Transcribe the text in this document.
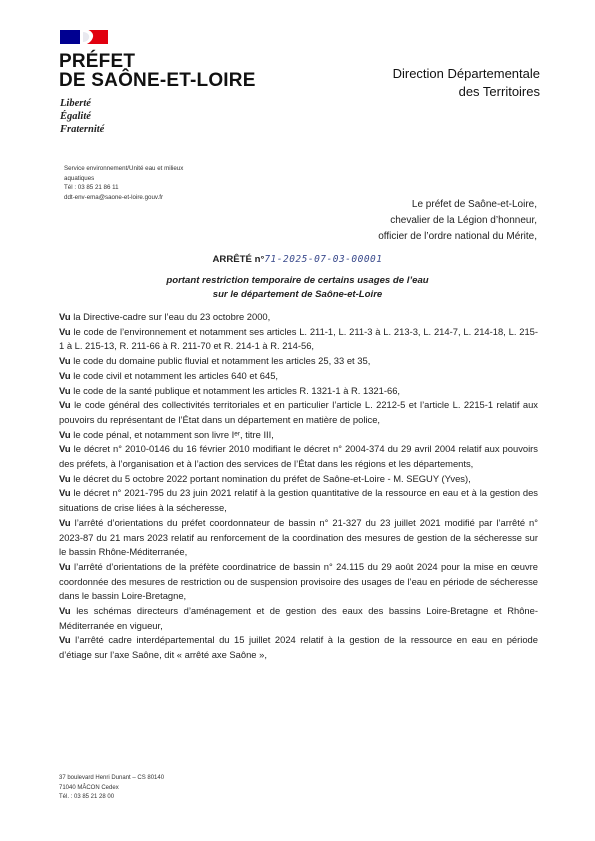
PRÉFET
DE SAÔNE-ET-LOIRE
Liberté
Égalité
Fraternité
Direction Départementale
des Territoires
Service environnement/Unité eau et milieux
aquatiques
Tél : 03 85 21 86 11
ddt-env-ema@saone-et-loire.gouv.fr
Le préfet de Saône-et-Loire,
chevalier de la Légion d’honneur,
officier de l’ordre national du Mérite,
ARRÊTÉ n°71-2025-07-03-00001
portant restriction temporaire de certains usages de l’eau
sur le département de Saône-et-Loire

Vu la Directive-cadre sur l’eau du 23 octobre 2000,

Vu le code de l’environnement et notamment ses articles L. 211-1, L. 211-3 à L. 213-3, L. 214-7, L. 214-18, L. 215-1 à L. 215-13, R. 211-66 à R. 211-70 et R. 214-1 à R. 214-56,

Vu le code du domaine public fluvial et notamment les articles 25, 33 et 35,

Vu le code civil et notamment les articles 640 et 645,

Vu le code de la santé publique et notamment les articles R. 1321-1 à R. 1321-66,

Vu le code général des collectivités territoriales et en particulier l’article L. 2212-5 et l’article L. 2215-1 relatif aux pouvoirs du représentant de l’État dans un département en matière de police,

Vu le code pénal, et notamment son livre Iᵉʳ, titre III,

Vu le décret n° 2010-0146 du 16 février 2010 modifiant le décret n° 2004-374 du 29 avril 2004 relatif aux pouvoirs des préfets, à l’organisation et à l’action des services de l’État dans les régions et les départements,

Vu le décret du 5 octobre 2022 portant nomination du préfet de Saône-et-Loire - M. SEGUY (Yves),

Vu le décret n° 2021-795 du 23 juin 2021 relatif à la gestion quantitative de la ressource en eau et à la gestion des situations de crise liées à la sécheresse,

Vu l’arrêté d’orientations du préfet coordonnateur de bassin n° 21-327 du 23 juillet 2021 modifié par l’arrêté n° 2023-87 du 21 mars 2023 relatif au renforcement de la coordination des mesures de gestion de la sécheresse sur le bassin Rhône-Méditerranée,

Vu l’arrêté d’orientations de la préfète coordinatrice de bassin n° 24.115 du 29 août 2024 pour la mise en œuvre coordonnée des mesures de restriction ou de suspension provisoire des usages de l’eau en période de sécheresse dans le bassin Loire-Bretagne,

Vu les schémas directeurs d’aménagement et de gestion des eaux des bassins Loire-Bretagne et Rhône-Méditerranée en vigueur,

Vu l’arrêté cadre interdépartemental du 15 juillet 2024 relatif à la gestion de la ressource en eau en période d’étiage sur l’axe Saône, dit « arrêté axe Saône »,

37 boulevard Henri Dunant – CS 80140
71040 MÂCON Cedex
Tél. : 03 85 21 28 00
